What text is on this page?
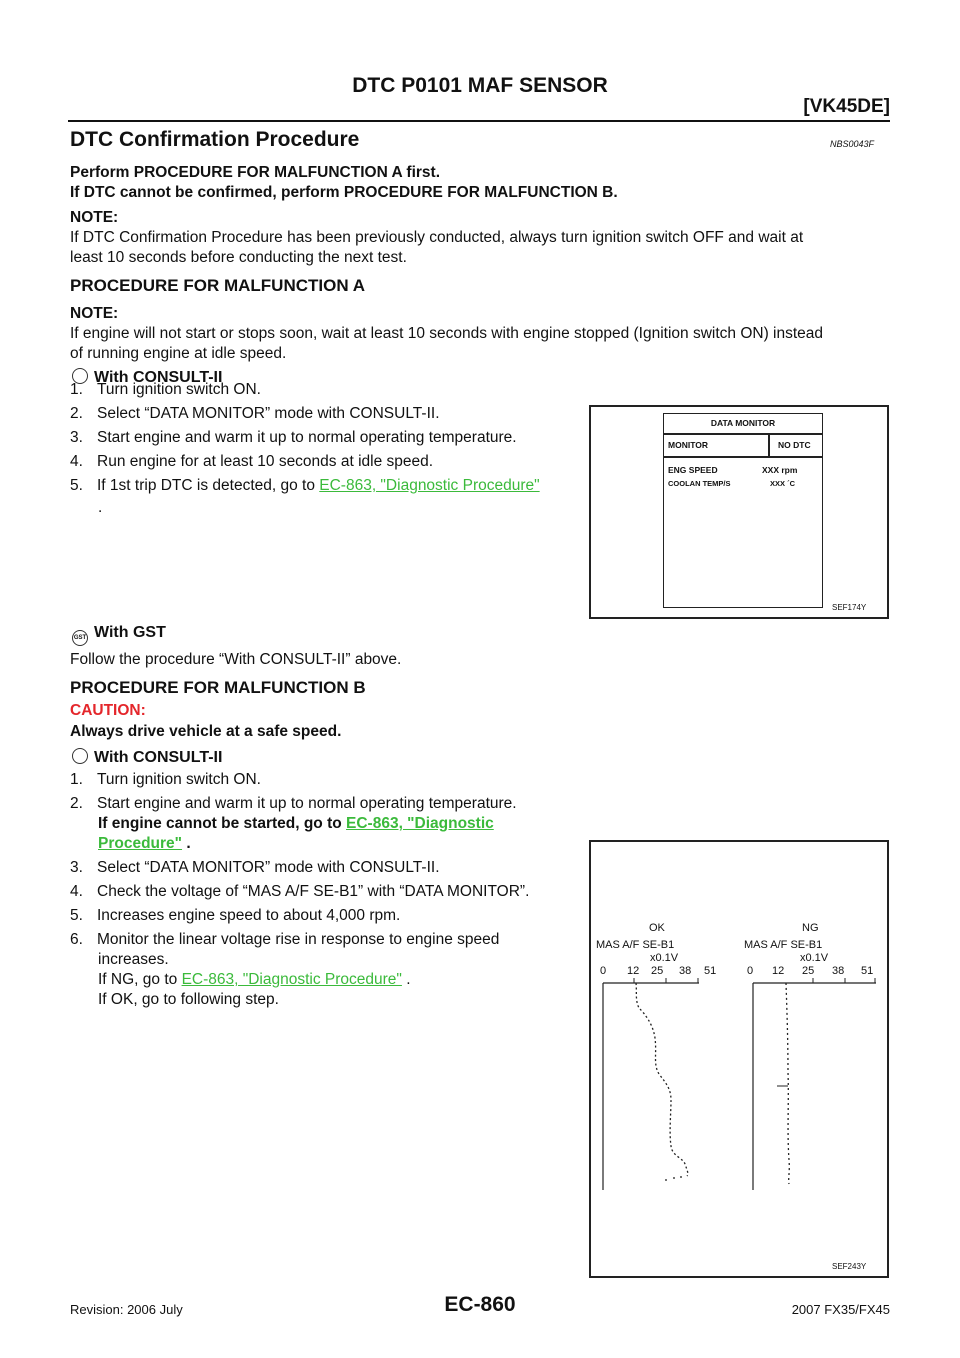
DTC P0101 MAF SENSOR
[VK45DE]
DTC Confirmation Procedure	NBS0043F
Perform PROCEDURE FOR MALFUNCTION A first.
If DTC cannot be confirmed, perform PROCEDURE FOR MALFUNCTION B.
NOTE:
If DTC Confirmation Procedure has been previously conducted, always turn ignition switch OFF and wait at
least 10 seconds before conducting the next test.
PROCEDURE FOR MALFUNCTION A
NOTE:
If engine will not start or stops soon, wait at least 10 seconds with engine stopped (Ignition switch ON) instead
of running engine at idle speed.
With CONSULT-II
1. Turn ignition switch ON.
2. Select “DATA MONITOR” mode with CONSULT-II.
3. Start engine and warm it up to normal operating temperature.
4. Run engine for at least 10 seconds at idle speed.
5. If 1st trip DTC is detected, go to EC-863, "Diagnostic Procedure"
.
DATA MONITOR
MONITOR	NO DTC
ENG SPEED	XXX rpm
COOLAN TEMP/S	XXX ´C
SEF174Y
GST With GST
Follow the procedure “With CONSULT-II” above.
PROCEDURE FOR MALFUNCTION B
CAUTION:
Always drive vehicle at a safe speed.
With CONSULT-II
1. Turn ignition switch ON.
2. Start engine and warm it up to normal operating temperature.
If engine cannot be started, go to EC-863, "Diagnostic Procedure" .
3. Select “DATA MONITOR” mode with CONSULT-II.
4. Check the voltage of “MAS A/F SE-B1” with “DATA MONITOR”.
5. Increases engine speed to about 4,000 rpm.
6. Monitor the linear voltage rise in response to engine speed
increases.
If NG, go to EC-863, "Diagnostic Procedure" .
If OK, go to following step.
OK	NG
MAS A/F SE-B1	MAS A/F SE-B1
x0.1V	x0.1V
0 12 25 38 51	0 12 25 38 51
SEF243Y
Revision: 2006 July	EC-860	2007 FX35/FX45
